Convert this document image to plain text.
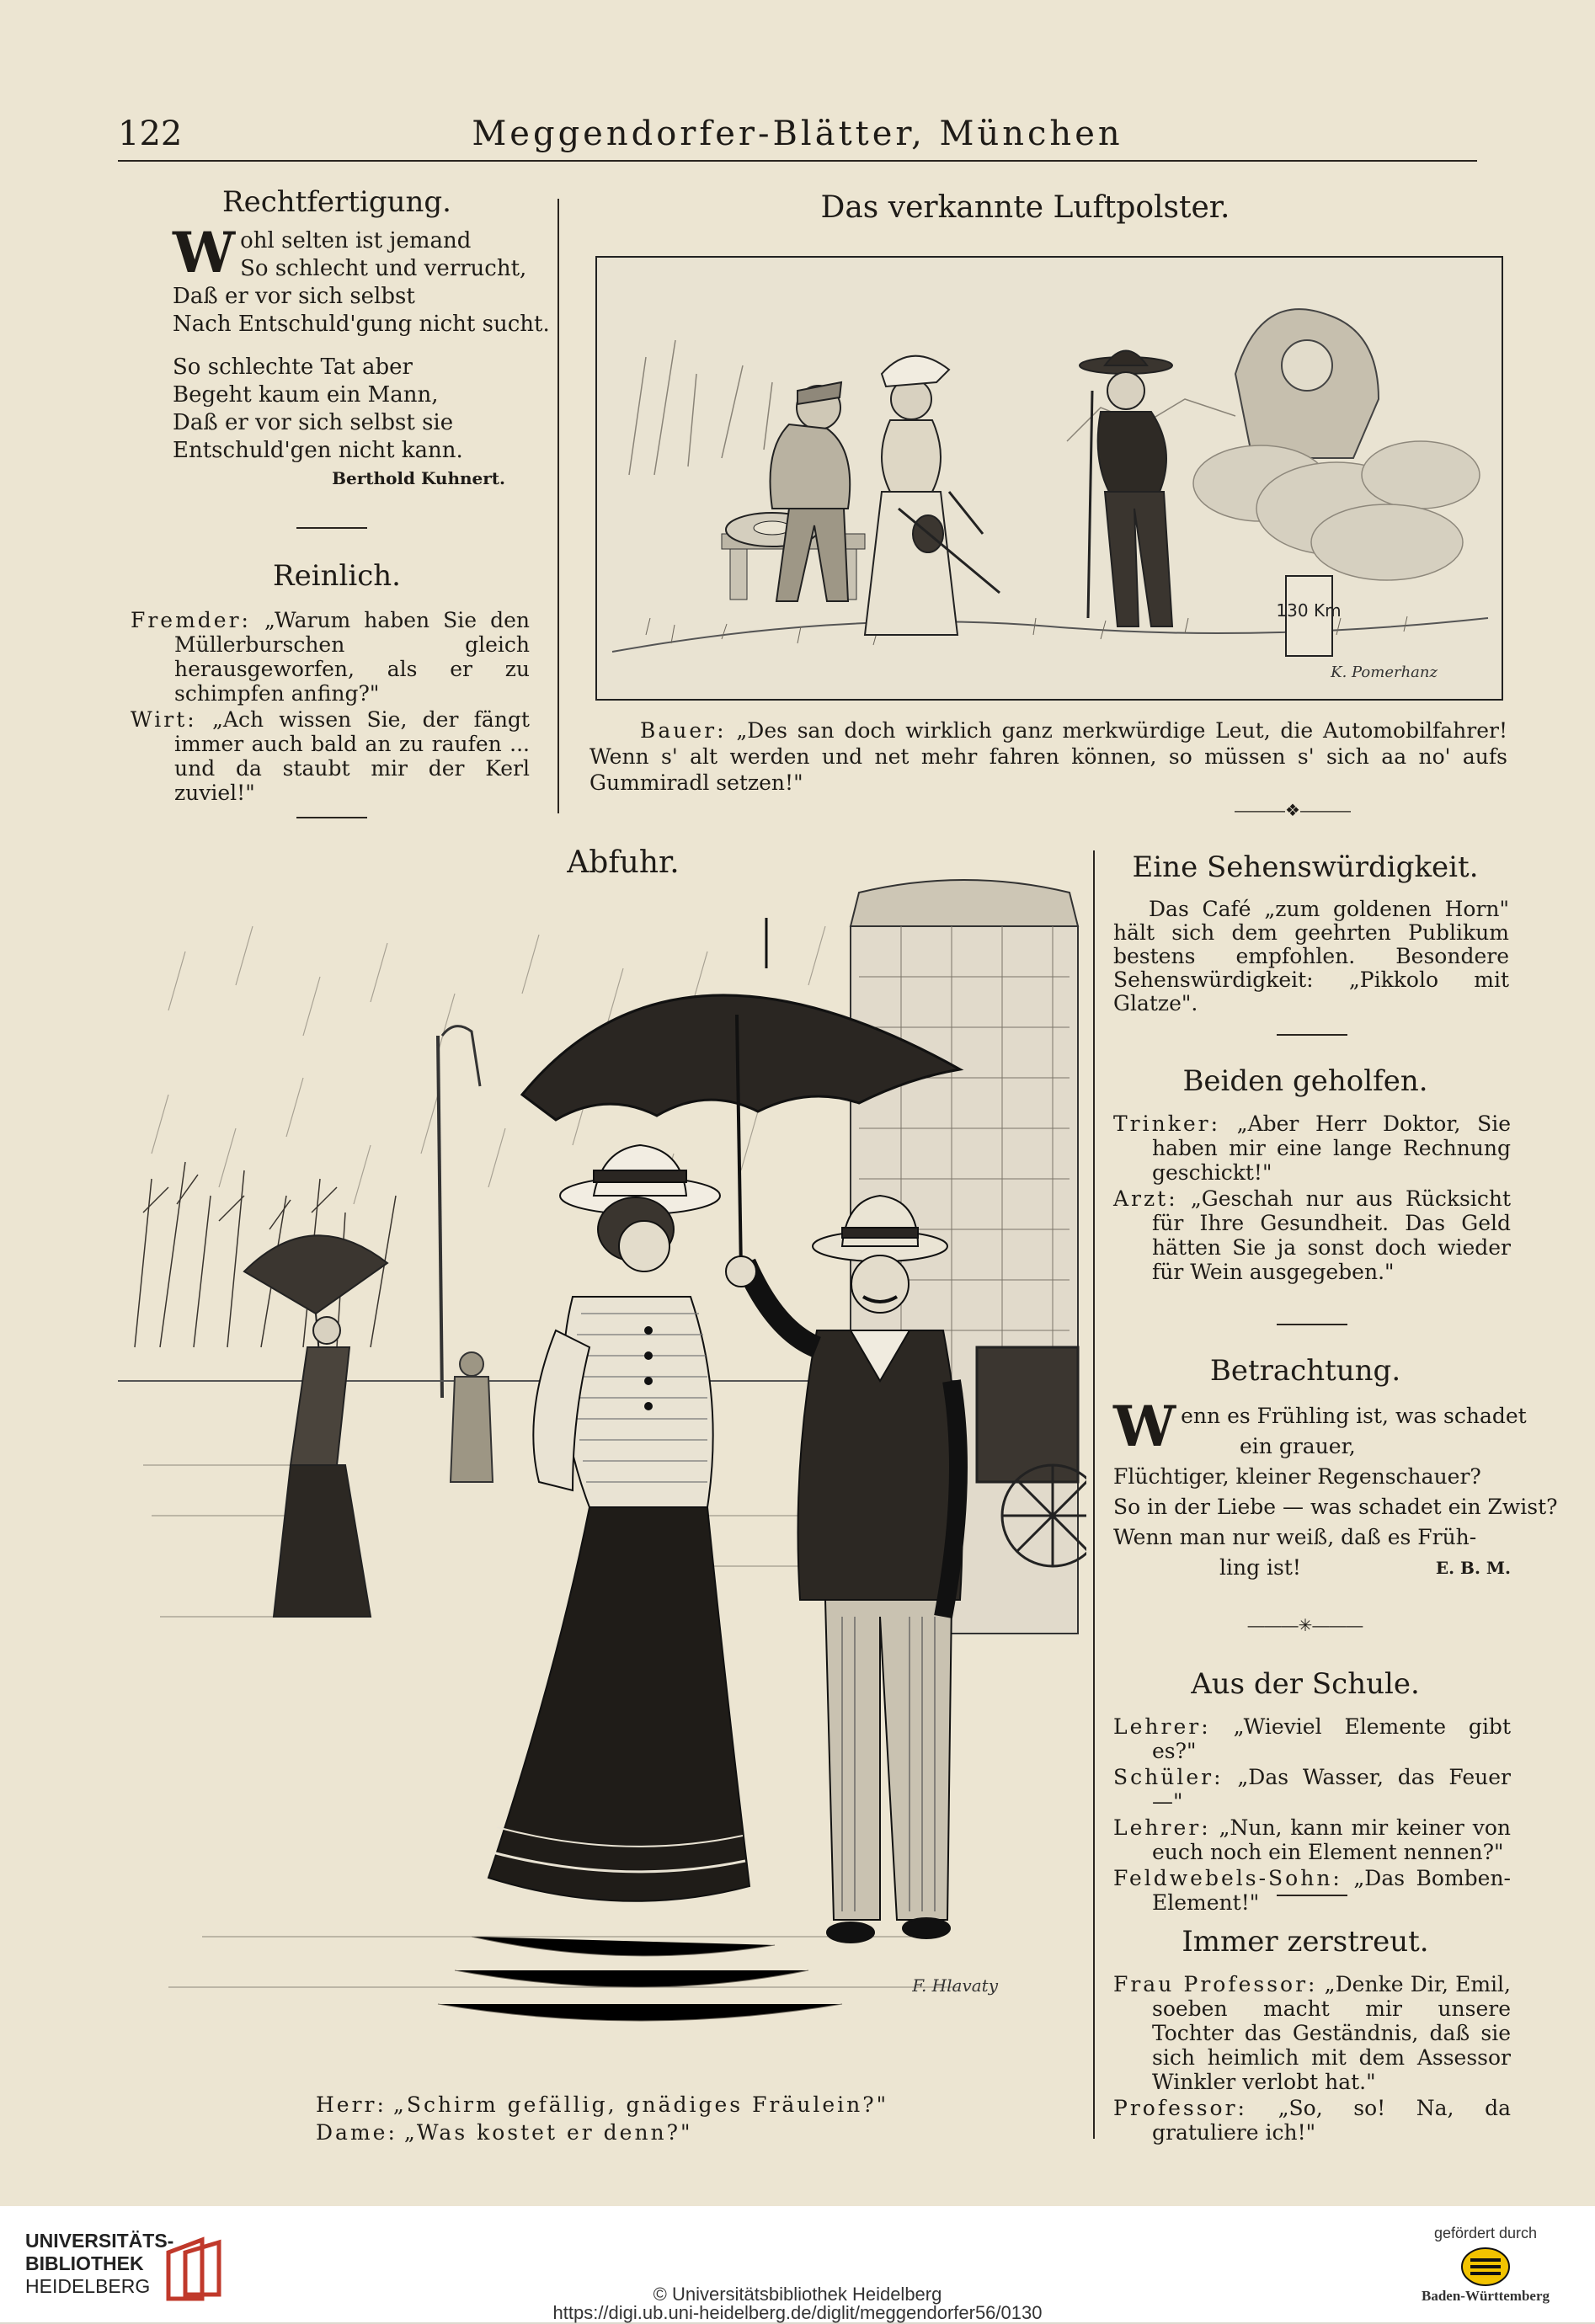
122	Meggendorfer-Blätter, München
Rechtfertigung.
Wohl selten ist jemand
So schlecht und verrucht,
Daß er vor sich selbst
Nach Entschuld'gung nicht sucht.
So schlechte Tat aber
Begeht kaum ein Mann,
Daß er vor sich selbst sie
Entschuld'gen nicht kann.
Berthold Kuhnert.
Reinlich.
Fremder: „Warum haben Sie den Müllerburschen gleich herausgeworfen, als er zu schimpfen anfing?"
Wirt: „Ach wissen Sie, der fängt immer auch bald an zu raufen ... und da staubt mir der Kerl zuviel!"
Das verkannte Luftpolster.
130 Km
K. Pomerhanz
Bauer: „Des san doch wirklich ganz merkwürdige Leut, die Automobilfahrer! Wenn s' alt werden und net mehr fahren können, so müssen s' sich aa no' aufs Gummiradl setzen!"
―――❖―――
Abfuhr.
F. Hlavaty
Herr: „Schirm gefällig, gnädiges Fräulein?"
Dame: „Was kostet er denn?"
Eine Sehenswürdigkeit.
Das Café „zum goldenen Horn" hält sich dem geehrten Publikum bestens empfohlen. Besondere Sehenswürdigkeit: „Pikkolo mit Glatze".
Beiden geholfen.
Trinker: „Aber Herr Doktor, Sie haben mir eine lange Rechnung geschickt!"
Arzt: „Geschah nur aus Rücksicht für Ihre Gesundheit. Das Geld hätten Sie ja sonst doch wieder für Wein ausgegeben."
Betrachtung.
Wenn es Frühling ist, was schadet
ein grauer,
Flüchtiger, kleiner Regenschauer?
So in der Liebe — was schadet ein Zwist?
Wenn man nur weiß, daß es Früh-
ling ist!	E. B. M.
―――✳―――
Aus der Schule.
Lehrer: „Wieviel Elemente gibt es?"
Schüler: „Das Wasser, das Feuer —"
Lehrer: „Nun, kann mir keiner von euch noch ein Element nennen?"
Feldwebels-Sohn: „Das Bomben-Element!"
Immer zerstreut.
Frau Professor: „Denke Dir, Emil, soeben macht mir unsere Tochter das Geständnis, daß sie sich heimlich mit dem Assessor Winkler verlobt hat."
Professor: „So, so! Na, da gratuliere ich!"
UNIVERSITÄTS-
BIBLIOTHEK
HEIDELBERG	© Universitätsbibliothek Heidelberg
https://digi.ub.uni-heidelberg.de/diglit/meggendorfer56/0130
gefördert durch
Baden-Württemberg
